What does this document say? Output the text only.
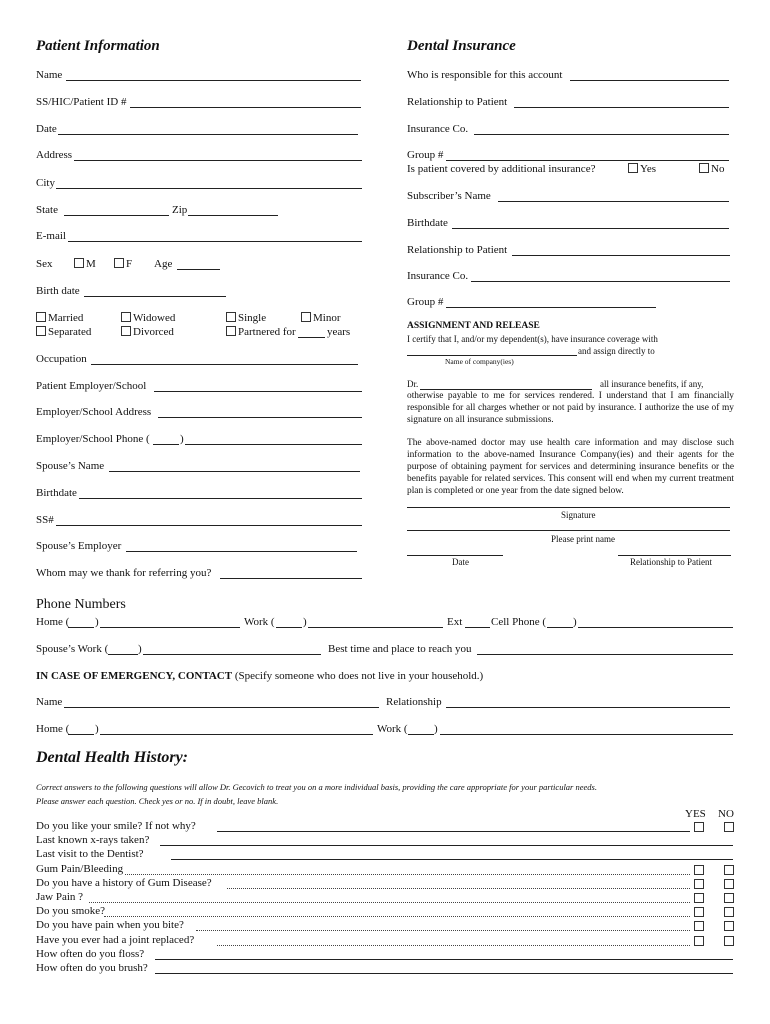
Patient Information
Name
SS/HIC/Patient ID #
Date
Address
City
State	Zip
E-mail
Sex	M	F Age
Birth date
Married	Widowed	Single	Minor
Separated	Divorced	Partnered for	years
Occupation
Patient Employer/School
Employer/School Address
Employer/School Phone (	)
Spouse’s Name
Birthdate
SS#
Spouse’s Employer
Whom may we thank for referring you?
Dental Insurance
Who is responsible for this account
Relationship to Patient
Insurance Co.
Group #
Is patient covered by additional insurance?	Yes	No
Subscriber’s Name
Birthdate
Relationship to Patient
Insurance Co.
Group #
ASSIGNMENT AND RELEASE
I certify that I, and/or my dependent(s), have insurance coverage with
and assign directly to
Name of company(ies)
Dr.	all insurance benefits, if any,
otherwise payable to me for services rendered. I understand that I am financially responsible for all charges whether or not paid by insurance. I authorize the use of my signature on all insurance submissions.
The above-named doctor may use health care information and may disclose such information to the above-named Insurance Company(ies) and their agents for the purpose of obtaining payment for services and determining insurance benefits or the benefits payable for related services. This consent will end when my current treatment plan is completed or one year from the date signed below.
Signature
Please print name
Date	Relationship to Patient
Phone Numbers
Home ( )	Work (	)	Ext	Cell Phone ( )
Spouse’s Work (	)	Best time and place to reach you
IN CASE OF EMERGENCY, CONTACT (Specify someone who does not live in your household.)
Name	Relationship
Home ( )	Work ( )
Dental Health History:
Correct answers to the following questions will allow Dr. Gecovich to treat you on a more individual basis, providing the care appropriate for your particular needs.
Please answer each question. Check yes or no. If in doubt, leave blank.
YES NO
Do you like your smile? If not why?
Last known x-rays taken?
Last visit to the Dentist?
Gum Pain/Bleeding
Do you have a history of Gum Disease?
Jaw Pain ?
Do you smoke?
Do you have pain when you bite?
Have you ever had a joint replaced?
How often do you floss?
How often do you brush?
